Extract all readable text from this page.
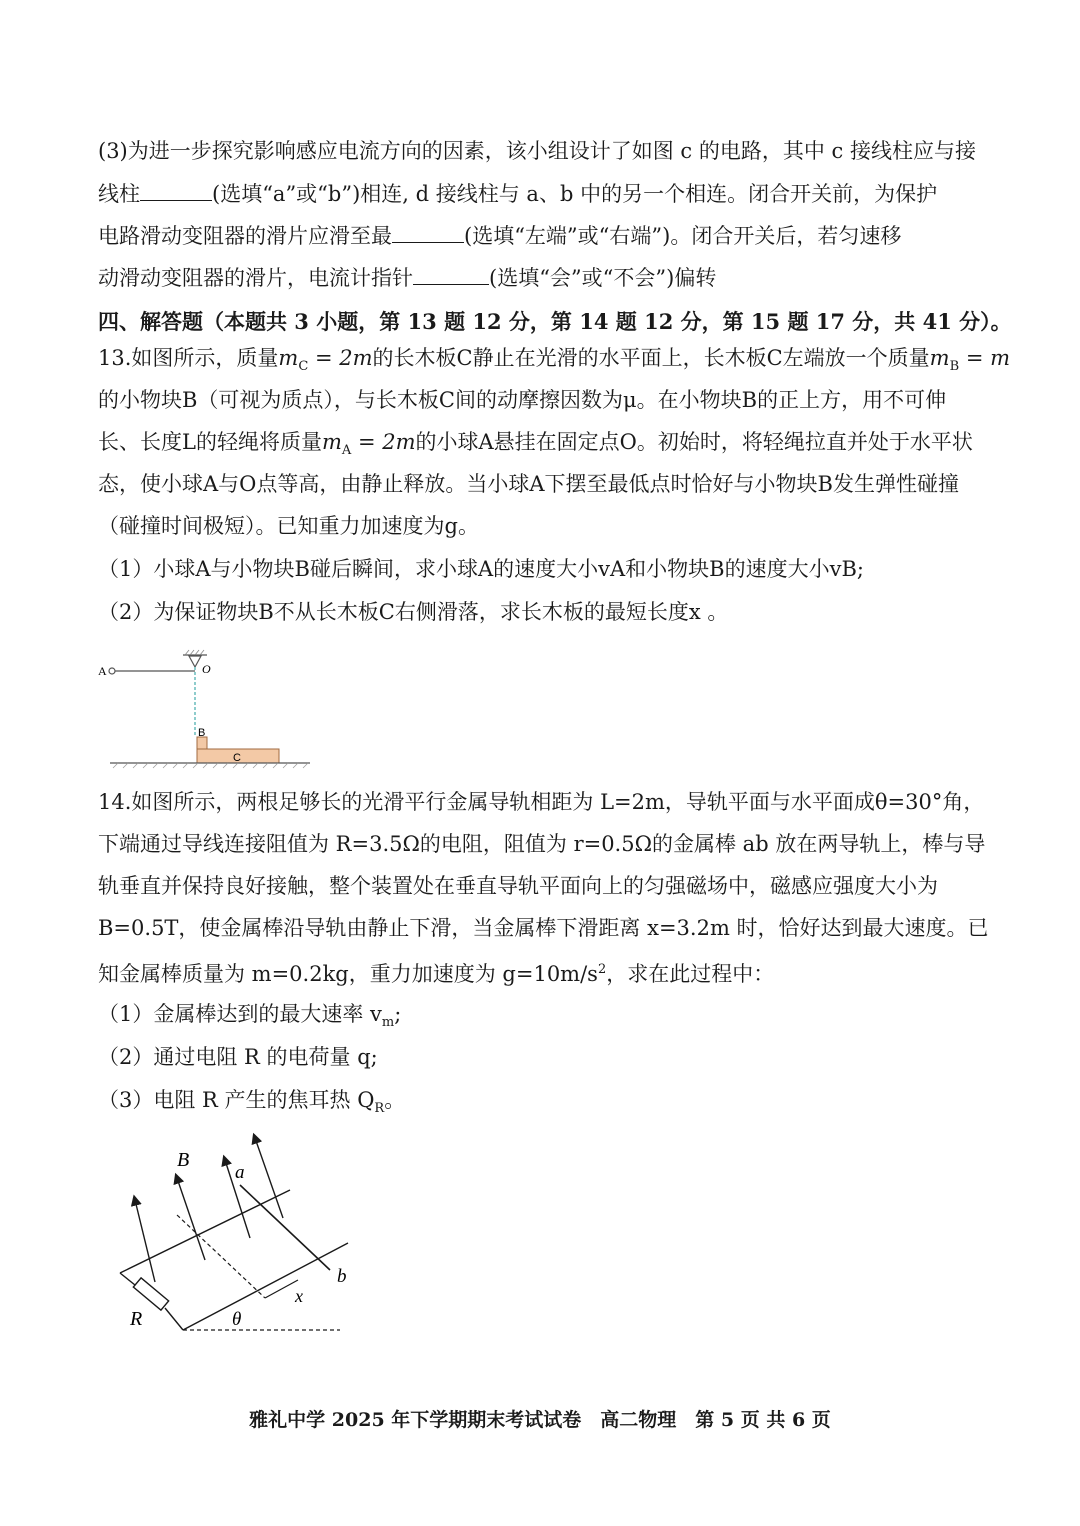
(3)为进一步探究影响感应电流方向的因素，该小组设计了如图 c 的电路，其中 c 接线柱应与接
线柱	(选填“a”或“b”)相连, d 接线柱与 a、b 中的另一个相连。闭合开关前，为保护
电路滑动变阻器的滑片应滑至最	(选填“左端”或“右端”)。闭合开关后，若匀速移
动滑动变阻器的滑片，电流计指针	(选填“会”或“不会”)偏转
四、解答题（本题共 3 小题，第 13 题 12 分，第 14 题 12 分，第 15 题 17 分，共 41 分）。
13.如图所示，质量$m_C = 2m$的长木板C静止在光滑的水平面上，长木板C左端放一个质量$m_B = m$
的小物块B（可视为质点），与长木板C间的动摩擦因数为μ。在小物块B的正上方，用不可伸
长、长度L的轻绳将质量$m_A = 2m$的小球A悬挂在固定点O。初始时，将轻绳拉直并处于水平状
态，使小球A与O点等高，由静止释放。当小球A下摆至最低点时恰好与小物块B发生弹性碰撞
（碰撞时间极短）。已知重力加速度为g。
（1）小球A与小物块B碰后瞬间，求小球A的速度大小vA和小物块B的速度大小vB;
（2）为保证物块B不从长木板C右侧滑落，求长木板的最短长度x 。
A	O
B
C
14.如图所示，两根足够长的光滑平行金属导轨相距为 L=2m，导轨平面与水平面成θ=30°角，
下端通过导线连接阻值为 R=3.5Ω的电阻，阻值为 r=0.5Ω的金属棒 ab 放在两导轨上，棒与导
轨垂直并保持良好接触，整个装置处在垂直导轨平面向上的匀强磁场中，磁感应强度大小为
B=0.5T，使金属棒沿导轨由静止下滑，当金属棒下滑距离 x=3.2m 时，恰好达到最大速度。已
知金属棒质量为 m=0.2kg，重力加速度为 $g=10m/s^2$，求在此过程中：
（1）金属棒达到的最大速率 $v_m$;
（2）通过电阻 R 的电荷量 q;
（3）电阻 R 产生的焦耳热 $Q_R$。
R	θ
a
b
x
B
雅礼中学 2025 年下学期期末考试试卷　高二物理　第 5 页 共 6 页
